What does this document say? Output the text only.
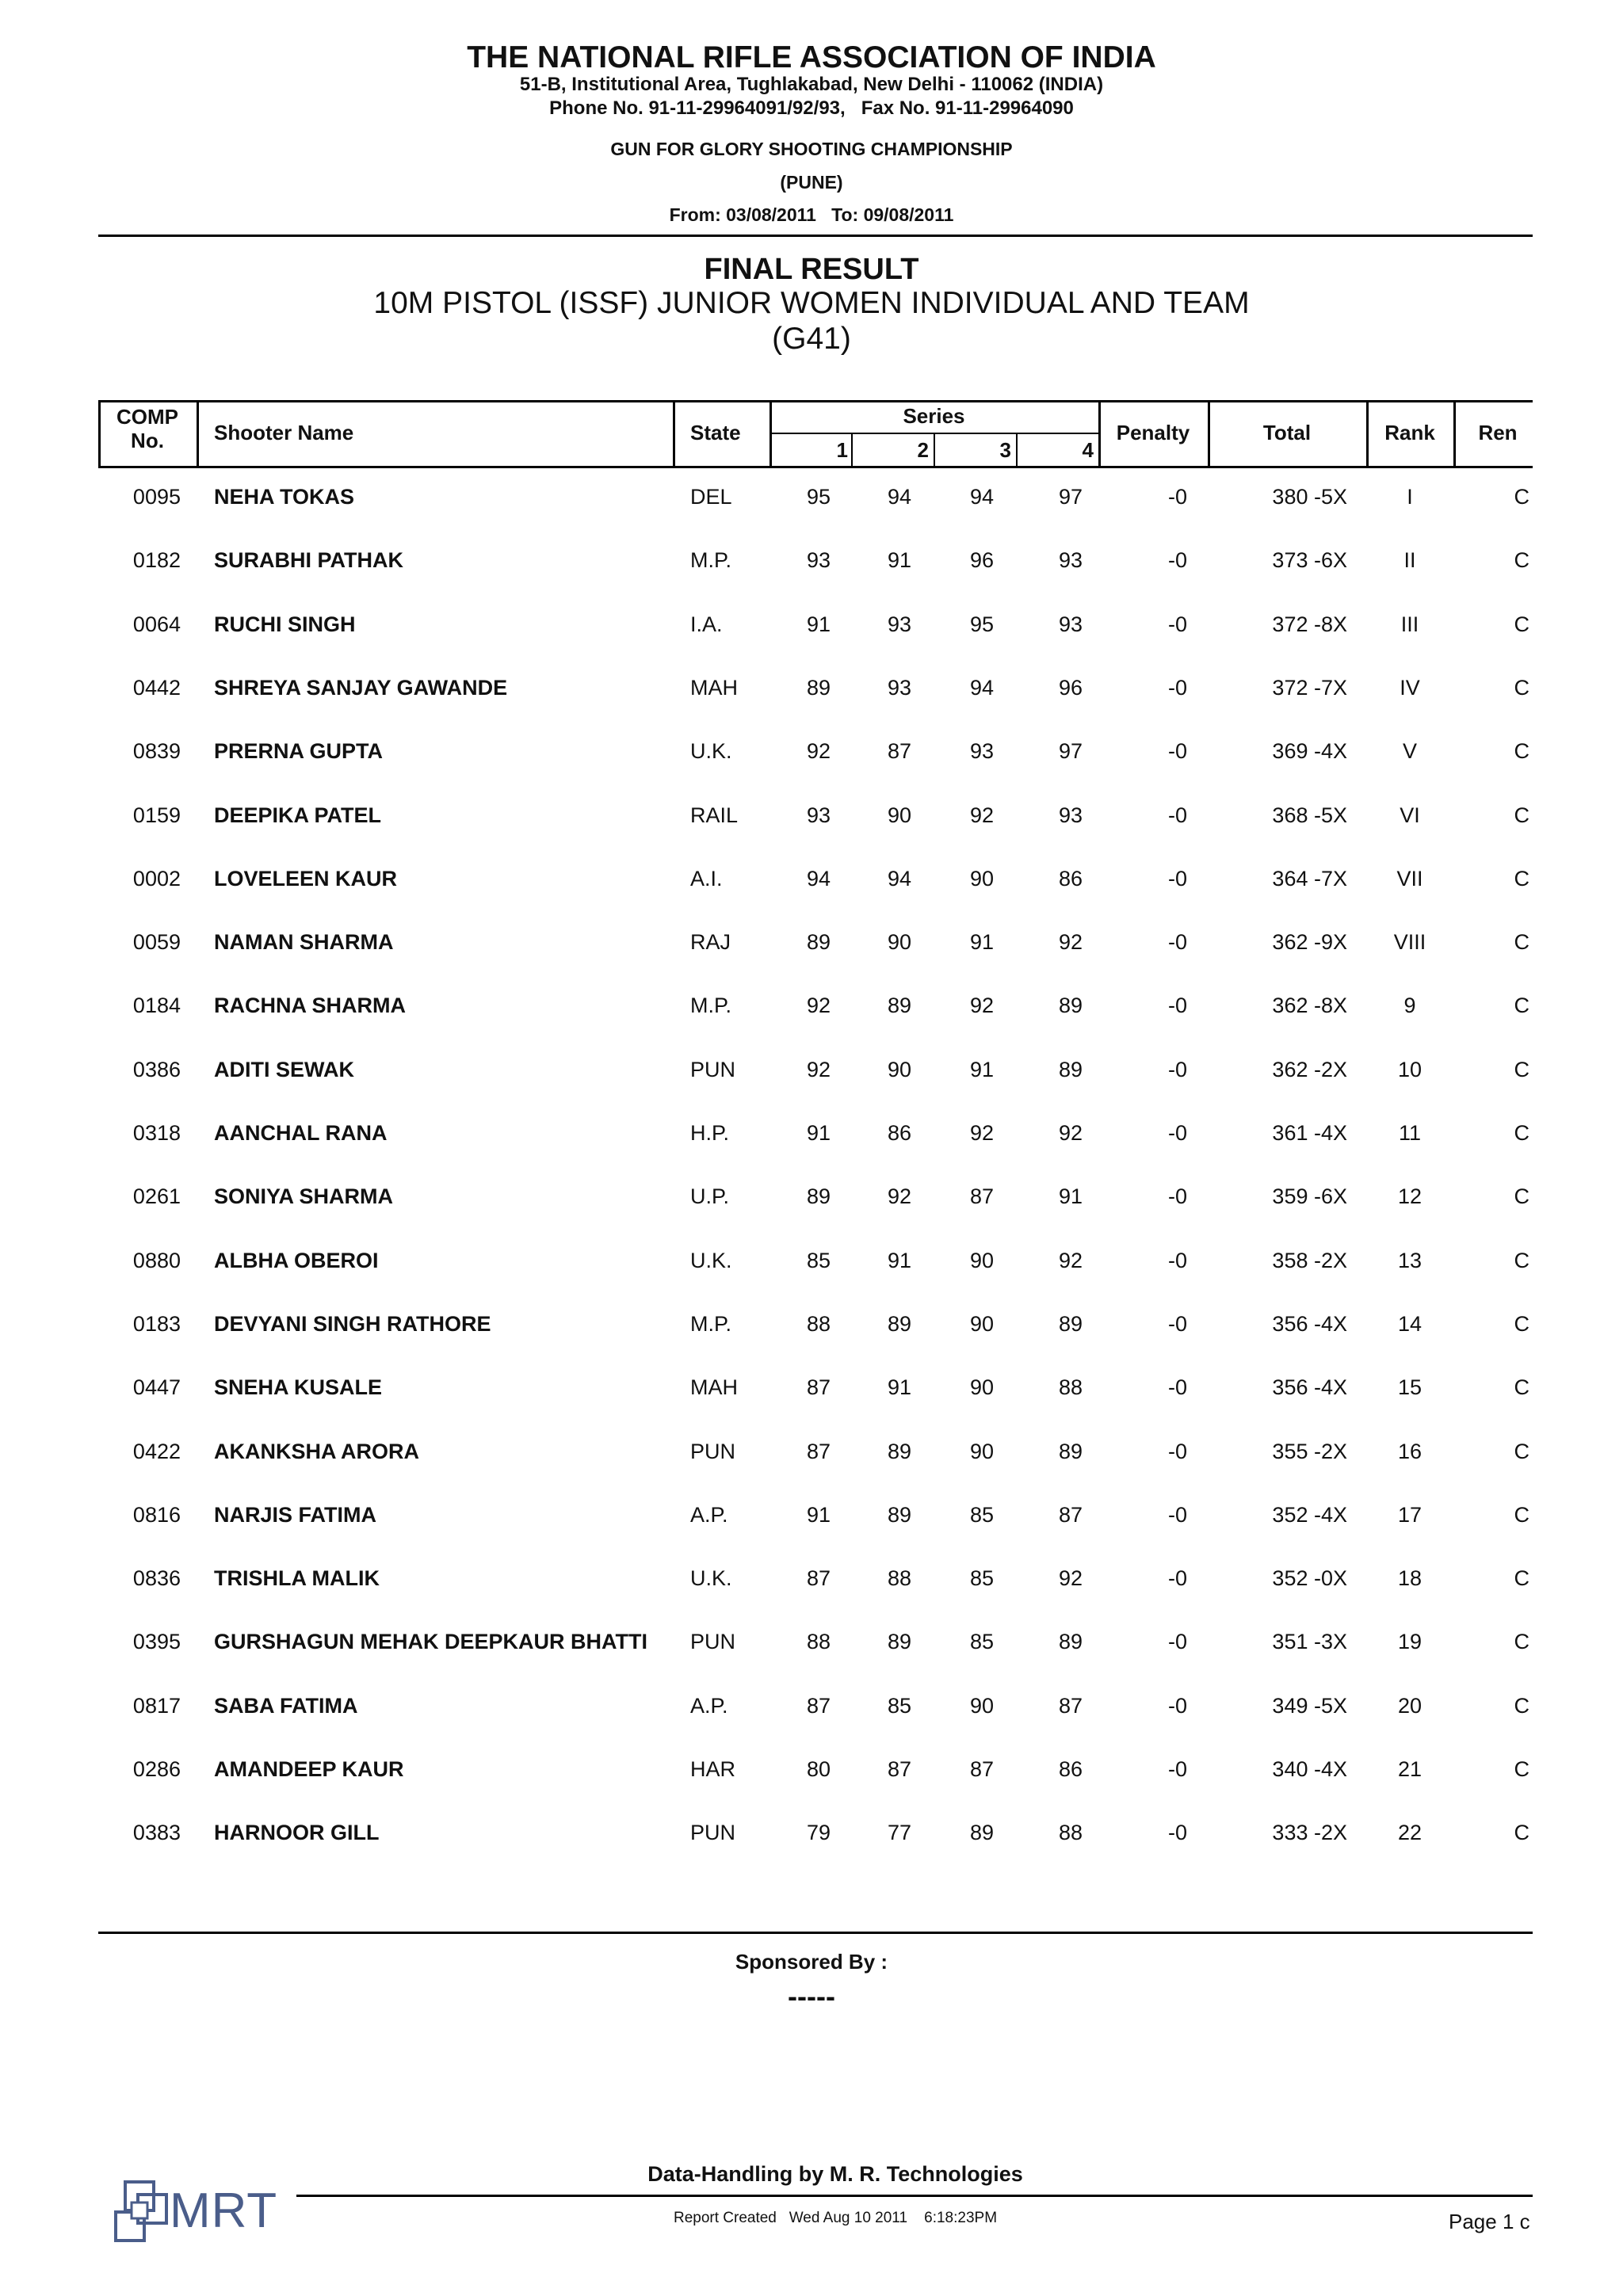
THE NATIONAL RIFLE ASSOCIATION OF INDIA
51-B, Institutional Area, Tughlakabad, New Delhi - 110062 (INDIA)
Phone No. 91-11-29964091/92/93,   Fax No. 91-11-29964090
GUN FOR GLORY SHOOTING CHAMPIONSHIP
(PUNE)
From: 03/08/2011   To: 09/08/2011
FINAL RESULT
10M PISTOL (ISSF) JUNIOR WOMEN INDIVIDUAL AND TEAM
(G41)
COMP
No.	Shooter Name	State
Series
1	2	3	4
Penalty	Total	Rank	Ren
0095 NEHA TOKAS	DEL	95	94	94	97	-0	380 -5X	I	C
0182 SURABHI PATHAK	M.P.	93	91	96	93	-0	373 -6X	II	C
0064 RUCHI SINGH	I.A.	91	93	95	93	-0	372 -8X	III	C
0442 SHREYA SANJAY GAWANDE	MAH	89	93	94	96	-0	372 -7X	IV	C
0839 PRERNA GUPTA	U.K.	92	87	93	97	-0	369 -4X	V	C
0159 DEEPIKA PATEL	RAIL	93	90	92	93	-0	368 -5X	VI	C
0002 LOVELEEN KAUR	A.I.	94	94	90	86	-0	364 -7X	VII	C
0059 NAMAN SHARMA	RAJ	89	90	91	92	-0	362 -9X	VIII	C
0184 RACHNA SHARMA	M.P.	92	89	92	89	-0	362 -8X	9	C
0386 ADITI SEWAK	PUN	92	90	91	89	-0	362 -2X	10	C
0318 AANCHAL RANA	H.P.	91	86	92	92	-0	361 -4X	11	C
0261 SONIYA SHARMA	U.P.	89	92	87	91	-0	359 -6X	12	C
0880 ALBHA OBEROI	U.K.	85	91	90	92	-0	358 -2X	13	C
0183 DEVYANI SINGH RATHORE	M.P.	88	89	90	89	-0	356 -4X	14	C
0447 SNEHA KUSALE	MAH	87	91	90	88	-0	356 -4X	15	C
0422 AKANKSHA ARORA	PUN	87	89	90	89	-0	355 -2X	16	C
0816 NARJIS FATIMA	A.P.	91	89	85	87	-0	352 -4X	17	C
0836 TRISHLA MALIK	U.K.	87	88	85	92	-0	352 -0X	18	C
0395 GURSHAGUN MEHAK DEEPKAUR BHATTI	PUN	88	89	85	89	-0	351 -3X	19	C
0817 SABA FATIMA	A.P.	87	85	90	87	-0	349 -5X	20	C
0286 AMANDEEP KAUR	HAR	80	87	87	86	-0	340 -4X	21	C
0383 HARNOOR GILL	PUN	79	77	89	88	-0	333 -2X	22	C
Sponsored By :
-----
Data-Handling by M. R. Technologies
Report Created   Wed Aug 10 2011    6:18:23PM	Page 1 c
MRT
